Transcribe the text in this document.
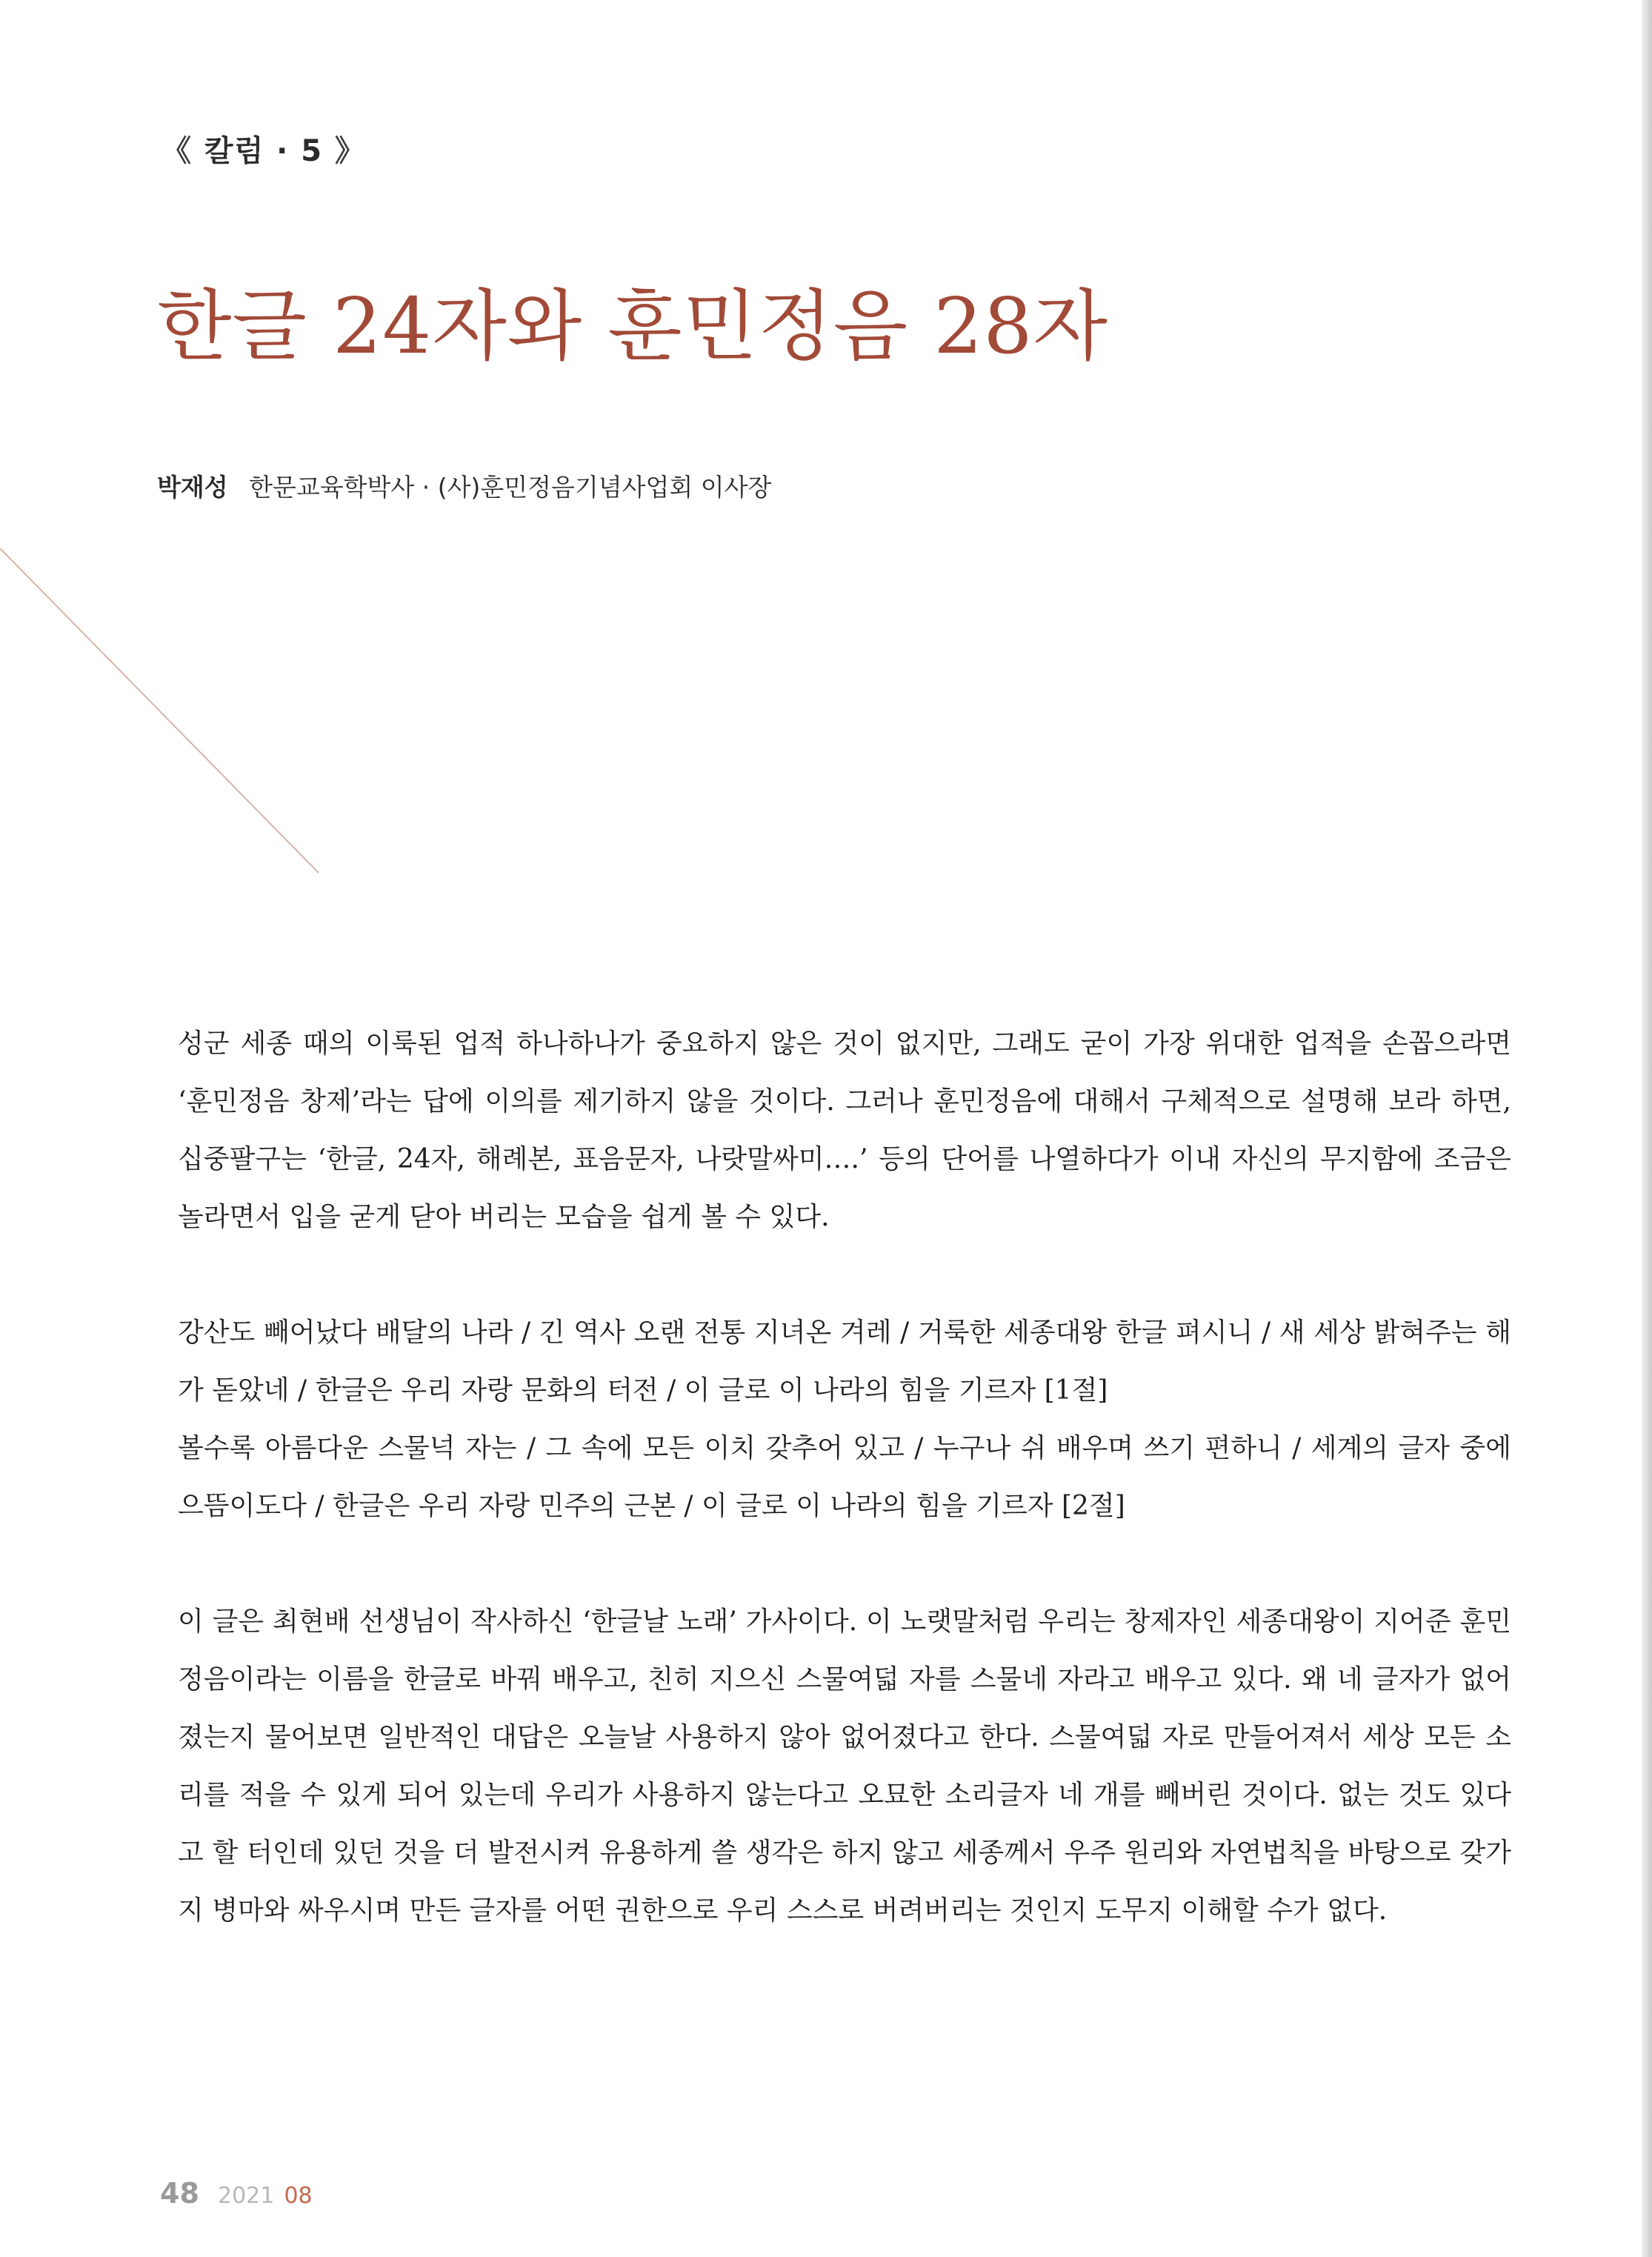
《 칼럼 · 5 》
한글 24자와 훈민정음 28자
박재성 한문교육학박사 · (사)훈민정음기념사업회 이사장

성군 세종 때의 이룩된 업적 하나하나가 중요하지 않은 것이 없지만, 그래도 굳이 가장 위대한 업적을 손꼽으라면 ‘훈민정음 창제’라는 답에 이의를 제기하지 않을 것이다. 그러나 훈민정음에 대해서 구체적으로 설명해 보라 하면, 십중팔구는 ‘한글, 24자, 해례본, 표음문자, 나랏말싸미….’ 등의 단어를 나열하다가 이내 자신의 무지함에 조금은 놀라면서 입을 굳게 닫아 버리는 모습을 쉽게 볼 수 있다.

강산도 빼어났다 배달의 나라 / 긴 역사 오랜 전통 지녀온 겨레 / 거룩한 세종대왕 한글 펴시니 / 새 세상 밝혀주는 해가 돋았네 / 한글은 우리 자랑 문화의 터전 / 이 글로 이 나라의 힘을 기르자 [1절]

볼수록 아름다운 스물넉 자는 / 그 속에 모든 이치 갖추어 있고 / 누구나 쉬 배우며 쓰기 편하니 / 세계의 글자 중에 으뜸이도다 / 한글은 우리 자랑 민주의 근본 / 이 글로 이 나라의 힘을 기르자 [2절]

이 글은 최현배 선생님이 작사하신 ‘한글날 노래’ 가사이다. 이 노랫말처럼 우리는 창제자인 세종대왕이 지어준 훈민정음이라는 이름을 한글로 바꿔 배우고, 친히 지으신 스물여덟 자를 스물네 자라고 배우고 있다. 왜 네 글자가 없어졌는지 물어보면 일반적인 대답은 오늘날 사용하지 않아 없어졌다고 한다. 스물여덟 자로 만들어져서 세상 모든 소리를 적을 수 있게 되어 있는데 우리가 사용하지 않는다고 오묘한 소리글자 네 개를 빼버린 것이다. 없는 것도 있다고 할 터인데 있던 것을 더 발전시켜 유용하게 쓸 생각은 하지 않고 세종께서 우주 원리와 자연법칙을 바탕으로 갖가지 병마와 싸우시며 만든 글자를 어떤 권한으로 우리 스스로 버려버리는 것인지 도무지 이해할 수가 없다.

48 2021 08
